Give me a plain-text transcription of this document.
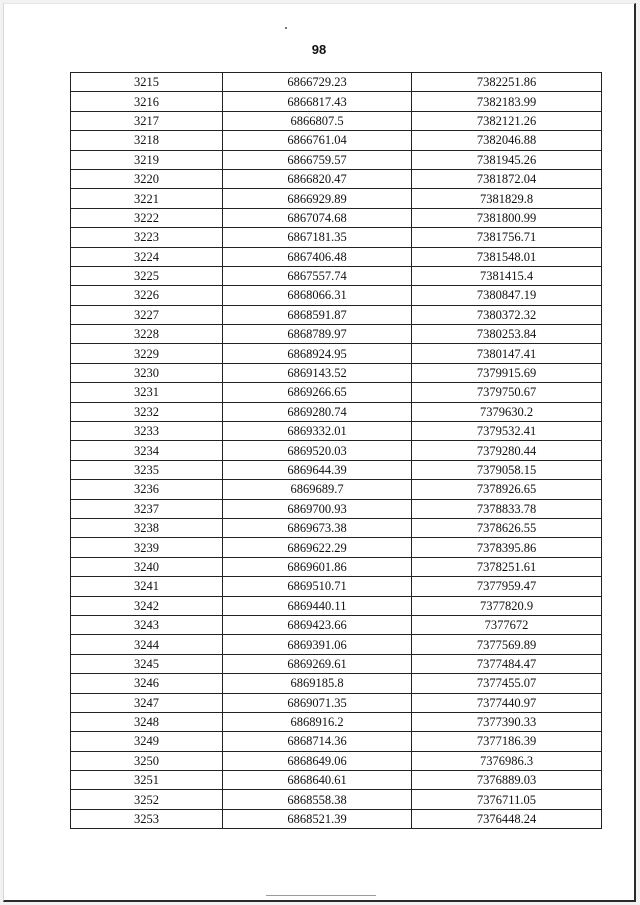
98
3215	6866729.23	7382251.86
3216	6866817.43	7382183.99
3217	6866807.5	7382121.26
3218	6866761.04	7382046.88
3219	6866759.57	7381945.26
3220	6866820.47	7381872.04
3221	6866929.89	7381829.8
3222	6867074.68	7381800.99
3223	6867181.35	7381756.71
3224	6867406.48	7381548.01
3225	6867557.74	7381415.4
3226	6868066.31	7380847.19
3227	6868591.87	7380372.32
3228	6868789.97	7380253.84
3229	6868924.95	7380147.41
3230	6869143.52	7379915.69
3231	6869266.65	7379750.67
3232	6869280.74	7379630.2
3233	6869332.01	7379532.41
3234	6869520.03	7379280.44
3235	6869644.39	7379058.15
3236	6869689.7	7378926.65
3237	6869700.93	7378833.78
3238	6869673.38	7378626.55
3239	6869622.29	7378395.86
3240	6869601.86	7378251.61
3241	6869510.71	7377959.47
3242	6869440.11	7377820.9
3243	6869423.66	7377672
3244	6869391.06	7377569.89
3245	6869269.61	7377484.47
3246	6869185.8	7377455.07
3247	6869071.35	7377440.97
3248	6868916.2	7377390.33
3249	6868714.36	7377186.39
3250	6868649.06	7376986.3
3251	6868640.61	7376889.03
3252	6868558.38	7376711.05
3253	6868521.39	7376448.24
